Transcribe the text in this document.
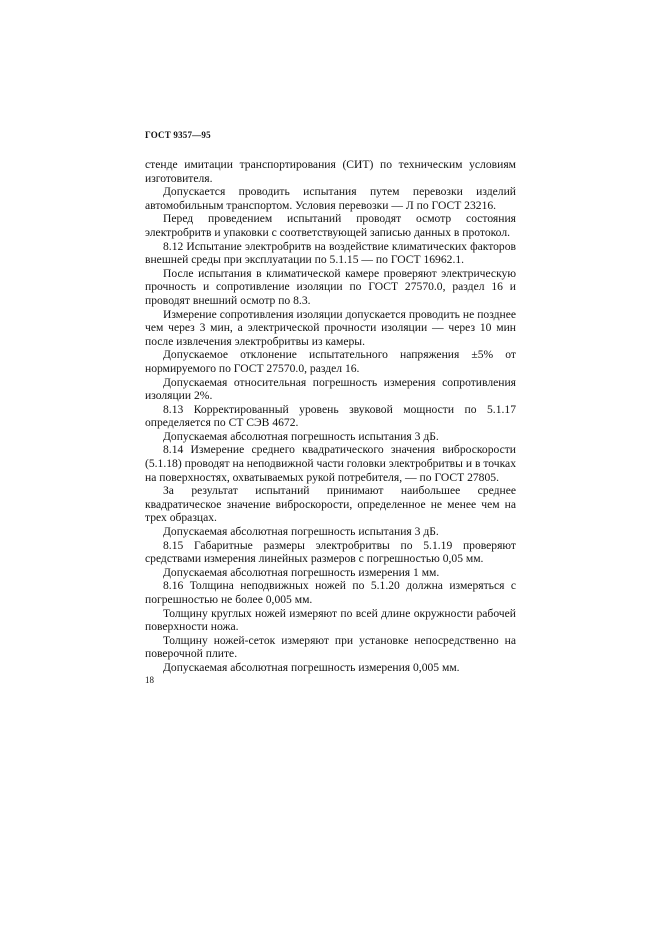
ГОСТ 9357—95

стенде имитации транспортирования (СИТ) по техническим условиям изготовителя.

Допускается проводить испытания путем перевозки изделий автомобильным транспортом. Условия перевозки — Л по ГОСТ 23216.

Перед проведением испытаний проводят осмотр состояния электробритв и упаковки с соответствующей записью данных в протокол.

8.12 Испытание электробритв на воздействие климатических факторов внешней среды при эксплуатации по 5.1.15 — по ГОСТ 16962.1.

После испытания в климатической камере проверяют электрическую прочность и сопротивление изоляции по ГОСТ 27570.0, раздел 16 и проводят внешний осмотр по 8.3.

Измерение сопротивления изоляции допускается проводить не позднее чем через 3 мин, а электрической прочности изоляции — через 10 мин после извлечения электробритвы из камеры.

Допускаемое отклонение испытательного напряжения ±5% от нормируемого по ГОСТ 27570.0, раздел 16.

Допускаемая относительная погрешность измерения сопротивления изоляции 2%.

8.13 Корректированный уровень звуковой мощности по 5.1.17 определяется по СТ СЭВ 4672.

Допускаемая абсолютная погрешность испытания 3 дБ.

8.14 Измерение среднего квадратического значения виброскорости (5.1.18) проводят на неподвижной части головки электробритвы и в точках на поверхностях, охватываемых рукой потребителя, — по ГОСТ 27805.

За результат испытаний принимают наибольшее среднее квадратическое значение виброскорости, определенное не менее чем на трех образцах.

Допускаемая абсолютная погрешность испытания 3 дБ.

8.15 Габаритные размеры электробритвы по 5.1.19 проверяют средствами измерения линейных размеров с погрешностью 0,05 мм.

Допускаемая абсолютная погрешность измерения 1 мм.

8.16 Толщина неподвижных ножей по 5.1.20 должна измеряться с погрешностью не более 0,005 мм.

Толщину круглых ножей измеряют по всей длине окружности рабочей поверхности ножа.

Толщину ножей-сеток измеряют при установке непосредственно на поверочной плите.

Допускаемая абсолютная погрешность измерения 0,005 мм.

18
